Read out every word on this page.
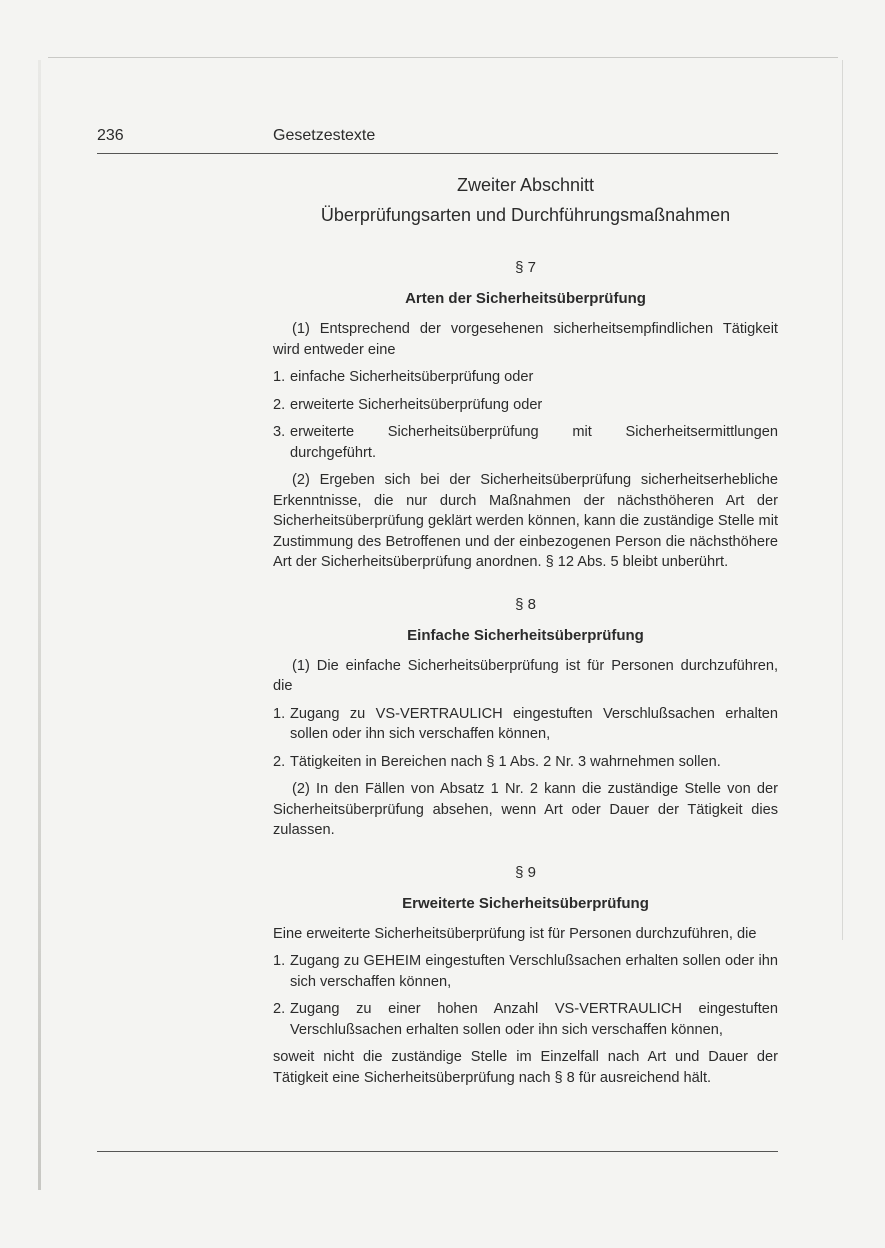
236	Gesetzestexte
Zweiter Abschnitt
Überprüfungsarten und Durchführungsmaßnahmen
§ 7
Arten der Sicherheitsüberprüfung

(1) Entsprechend der vorgesehenen sicherheitsempfindlichen Tätigkeit wird entweder eine

1. einfache Sicherheitsüberprüfung oder
2. erweiterte Sicherheitsüberprüfung oder
3. erweiterte Sicherheitsüberprüfung mit Sicherheitsermittlungen durchgeführt.

(2) Ergeben sich bei der Sicherheitsüberprüfung sicherheitserhebliche Erkenntnisse, die nur durch Maßnahmen der nächsthöheren Art der Sicherheitsüberprüfung geklärt werden können, kann die zuständige Stelle mit Zustimmung des Betroffenen und der einbezogenen Person die nächsthöhere Art der Sicherheitsüberprüfung anordnen. § 12 Abs. 5 bleibt unberührt.

§ 8
Einfache Sicherheitsüberprüfung

(1) Die einfache Sicherheitsüberprüfung ist für Personen durchzuführen, die

1. Zugang zu VS-VERTRAULICH eingestuften Verschlußsachen erhalten sollen oder ihn sich verschaffen können,
2. Tätigkeiten in Bereichen nach § 1 Abs. 2 Nr. 3 wahrnehmen sollen.

(2) In den Fällen von Absatz 1 Nr. 2 kann die zuständige Stelle von der Sicherheitsüberprüfung absehen, wenn Art oder Dauer der Tätigkeit dies zulassen.

§ 9
Erweiterte Sicherheitsüberprüfung

Eine erweiterte Sicherheitsüberprüfung ist für Personen durchzuführen, die

1. Zugang zu GEHEIM eingestuften Verschlußsachen erhalten sollen oder ihn sich verschaffen können,
2. Zugang zu einer hohen Anzahl VS-VERTRAULICH eingestuften Verschlußsachen erhalten sollen oder ihn sich verschaffen können,

soweit nicht die zuständige Stelle im Einzelfall nach Art und Dauer der Tätigkeit eine Sicherheitsüberprüfung nach § 8 für ausreichend hält.
